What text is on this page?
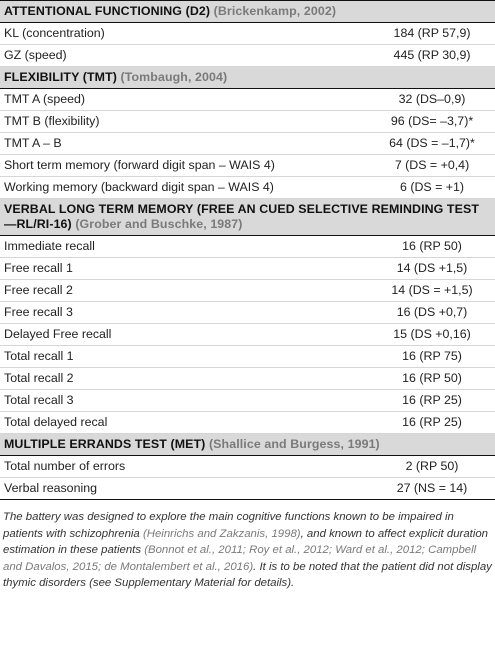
ATTENTIONAL FUNCTIONING (D2) (Brickenkamp, 2002)	
KL (concentration)	184 (RP 57,9)
GZ (speed)	445 (RP 30,9)
FLEXIBILITY (TMT) (Tombaugh, 2004)	
TMT A (speed)	32 (DS–0,9)
TMT B (flexibility)	96 (DS= –3,7)*
TMT A – B	64 (DS = –1,7)*
Short term memory (forward digit span – WAIS 4)	7 (DS = +0,4)
Working memory (backward digit span – WAIS 4)	6 (DS = +1)
VERBAL LONG TERM MEMORY (FREE AN CUED SELECTIVE REMINDING TEST—RL/RI-16) (Grober and Buschke, 1987)	
Immediate recall	16 (RP 50)
Free recall 1	14 (DS +1,5)
Free recall 2	14 (DS = +1,5)
Free recall 3	16 (DS +0,7)
Delayed Free recall	15 (DS +0,16)
Total recall 1	16 (RP 75)
Total recall 2	16 (RP 50)
Total recall 3	16 (RP 25)
Total delayed recal	16 (RP 25)
MULTIPLE ERRANDS TEST (MET) (Shallice and Burgess, 1991)	
Total number of errors	2 (RP 50)
Verbal reasoning	27 (NS = 14)
The battery was designed to explore the main cognitive functions known to be impaired in patients with schizophrenia (Heinrichs and Zakzanis, 1998), and known to affect explicit duration estimation in these patients (Bonnot et al., 2011; Roy et al., 2012; Ward et al., 2012; Campbell and Davalos, 2015; de Montalembert et al., 2016). It is to be noted that the patient did not display thymic disorders (see Supplementary Material for details).
